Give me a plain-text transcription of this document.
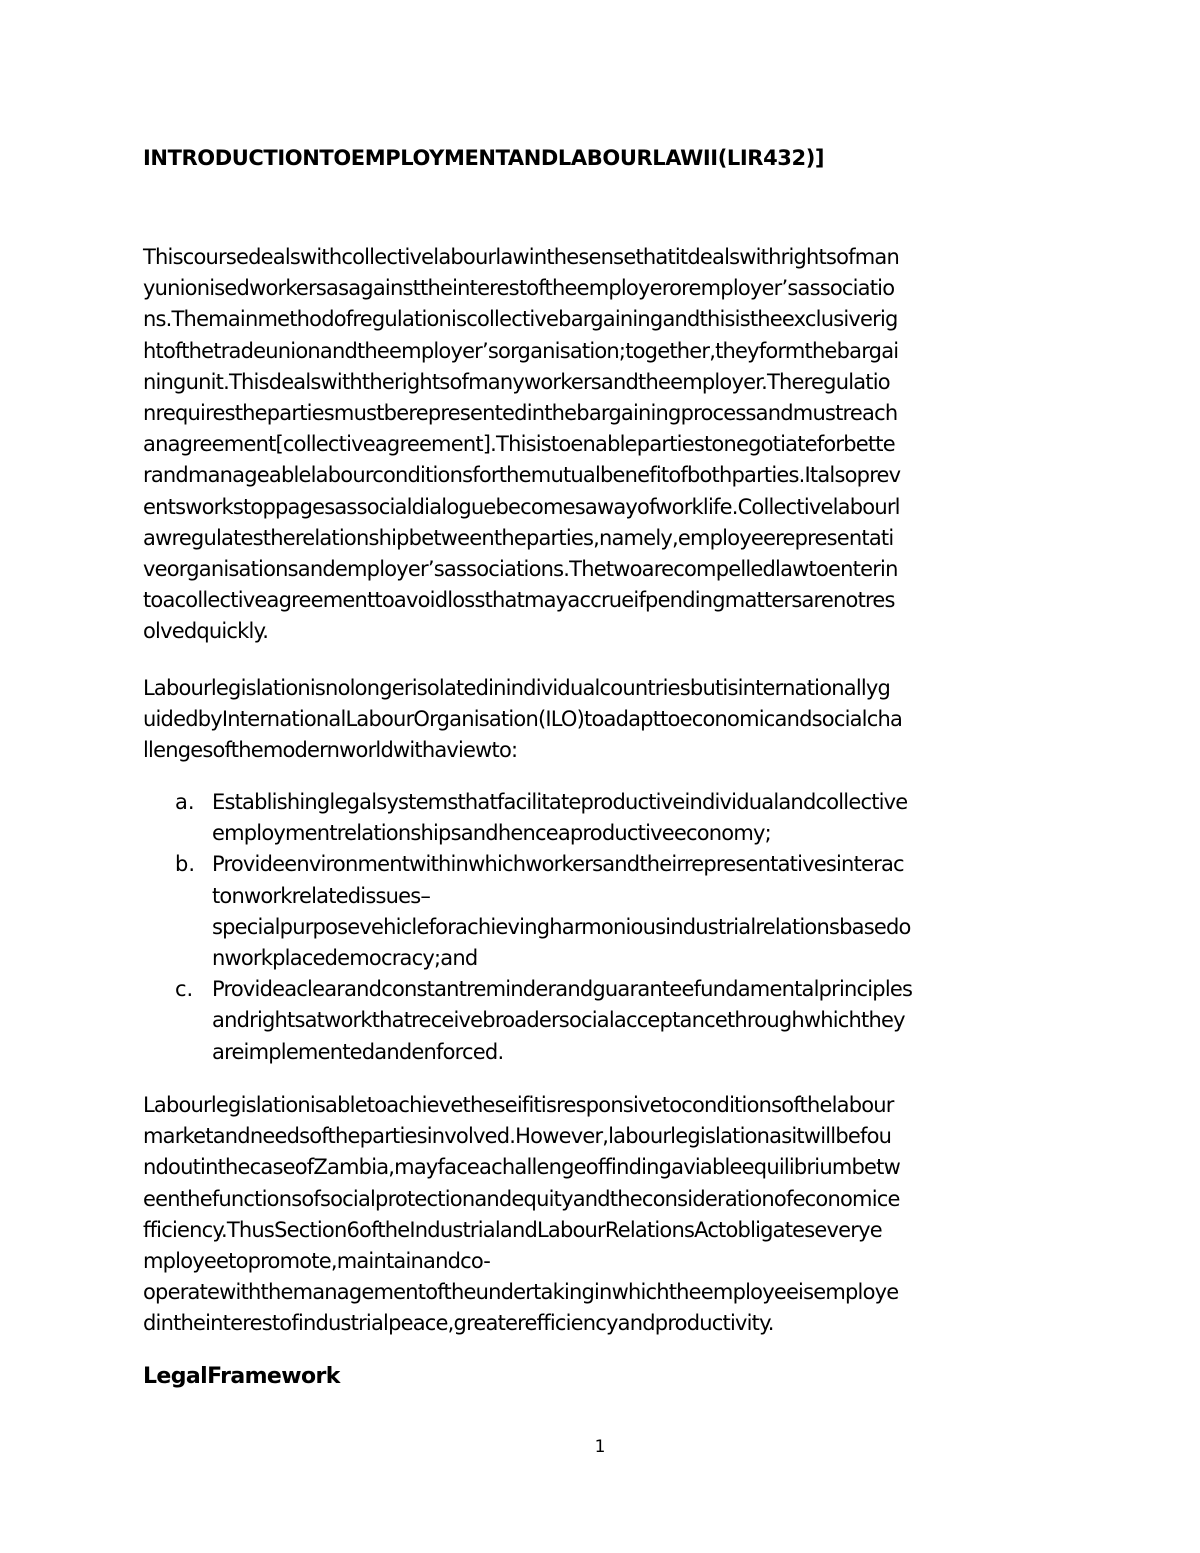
INTRODUCTIONTOEMPLOYMENTANDLABOURLAWII(LIR432)]
Thiscoursedealswithcollectivelabourlawinthesensethatitdealswithrightsofman
yunionisedworkersasagainsttheinterestoftheemployeroremployer’sassociatio
ns.Themainmethodofregulationiscollectivebargainingandthisistheexclusiverig
htofthetradeunionandtheemployer’sorganisation;together,theyformthebargai
ningunit.Thisdealswiththerightsofmanyworkersandtheemployer.Theregulatio
nrequiresthepartiesmustberepresentedinthebargainingprocessandmustreach
anagreement[collectiveagreement].Thisistoenablepartiestonegotiateforbette
randmanageablelabourconditionsforthemutualbenefitofbothparties.Italsoprev
entsworkstoppagesassocialdialoguebecomesawayofworklife.Collectivelabourl
awregulatestherelationshipbetweentheparties,namely,employeerepresentati
veorganisationsandemployer’sassociations.Thetwoarecompelledlawtoenterin
toacollectiveagreementtoavoidlossthatmayaccrueifpendingmattersarenotres
olvedquickly.
Labourlegislationisnolongerisolatedinindividualcountriesbutisinternationallyg
uidedbyInternationalLabourOrganisation(ILO)toadapttoeconomicandsocialcha
llengesofthemodernworldwithaviewto:
a. Establishinglegalsystemsthatfacilitateproductiveindividualandcollective
employmentrelationshipsandhenceaproductiveeconomy;
b. Provideenvironmentwithinwhichworkersandtheirrepresentativesinterac
tonworkrelatedissues–
specialpurposevehicleforachievingharmoniousindustrialrelationsbasedo
nworkplacedemocracy;and
c. Provideaclearandconstantreminderandguaranteefundamentalprinciples
andrightsatworkthatreceivebroadersocialacceptancethroughwhichthey
areimplementedandenforced.
Labourlegislationisabletoachievetheseifitisresponsivetoconditionsofthelabour
marketandneedsofthepartiesinvolved.However,labourlegislationasitwillbefou
ndoutinthecaseofZambia,mayfaceachallengeoffindingaviableequilibriumbetw
eenthefunctionsofsocialprotectionandequityandtheconsiderationofeconomice
fficiency.ThusSection6oftheIndustrialandLabourRelationsActobligateseverye
mployeetopromote,maintainandco-
operatewiththemanagementoftheundertakinginwhichtheemployeeisemploye
dintheinterestofindustrialpeace,greaterefficiencyandproductivity.
LegalFramework
1
